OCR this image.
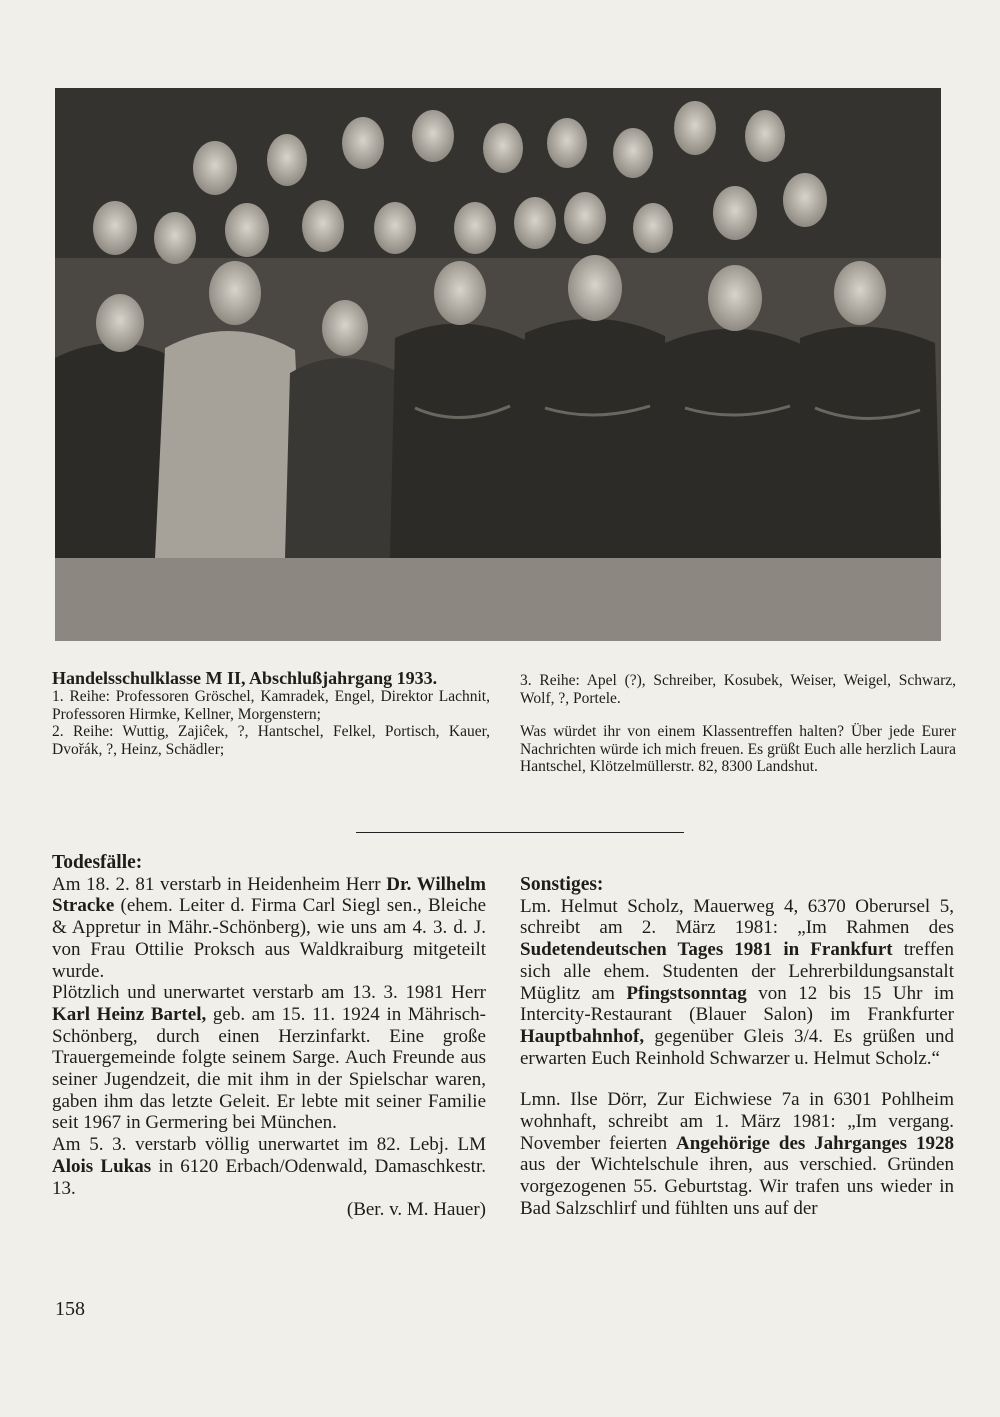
Handelsschulklasse M II, Abschlußjahrgang 1933.

1. Reihe: Professoren Gröschel, Kamradek, Engel, Direktor Lachnit, Professoren Hirmke, Kellner, Morgenstern;

2. Reihe: Wuttig, Zajiĉek, ?, Hantschel, Felkel, Portisch, Kauer, Dvořák, ?, Heinz, Schädler;

3. Reihe: Apel (?), Schreiber, Kosubek, Weiser, Weigel, Schwarz, Wolf, ?, Portele.

Was würdet ihr von einem Klassentreffen halten? Über jede Eurer Nachrichten würde ich mich freuen. Es grüßt Euch alle herzlich Laura Hantschel, Klötzelmüllerstr. 82, 8300 Landshut.

Todesfälle:

Am 18. 2. 81 verstarb in Heidenheim Herr Dr. Wilhelm Stracke (ehem. Leiter d. Firma Carl Siegl sen., Bleiche & Appretur in Mähr.-Schönberg), wie uns am 4. 3. d. J. von Frau Ottilie Proksch aus Waldkraiburg mitgeteilt wurde.

Plötzlich und unerwartet verstarb am 13. 3. 1981 Herr Karl Heinz Bartel, geb. am 15. 11. 1924 in Mährisch-Schönberg, durch einen Herzinfarkt. Eine große Trauergemeinde folgte seinem Sarge. Auch Freunde aus seiner Jugendzeit, die mit ihm in der Spielschar waren, gaben ihm das letzte Geleit. Er lebte mit seiner Familie seit 1967 in Germering bei München.

Am 5. 3. verstarb völlig unerwartet im 82. Lebj. LM Alois Lukas in 6120 Erbach/Odenwald, Damaschkestr. 13.

(Ber. v. M. Hauer)

Sonstiges:

Lm. Helmut Scholz, Mauerweg 4, 6370 Oberursel 5, schreibt am 2. März 1981: „Im Rahmen des Sudetendeutschen Tages 1981 in Frankfurt treffen sich alle ehem. Studenten der Lehrerbildungsanstalt Müglitz am Pfingstsonntag von 12 bis 15 Uhr im Intercity-Restaurant (Blauer Salon) im Frankfurter Hauptbahnhof, gegenüber Gleis 3/4. Es grüßen und erwarten Euch Reinhold Schwarzer u. Helmut Scholz.“

Lmn. Ilse Dörr, Zur Eichwiese 7a in 6301 Pohlheim wohnhaft, schreibt am 1. März 1981: „Im vergang. November feierten Angehörige des Jahrganges 1928 aus der Wichtelschule ihren, aus verschied. Gründen vorgezogenen 55. Geburtstag. Wir trafen uns wieder in Bad Salzschlirf und fühlten uns auf der

158
